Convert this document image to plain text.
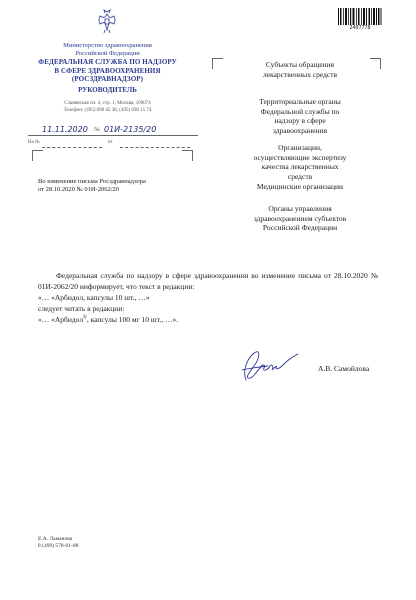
Министерство здравоохранения
Российской Федерации
ФЕДЕРАЛЬНАЯ СЛУЖБА ПО НАДЗОРУ
В СФЕРЕ ЗДРАВООХРАНЕНИЯ
(РОСЗДРАВНАДЗОР)
РУКОВОДИТЕЛЬ
Славянская пл. 4, стр. 1, Москва, 109074
Телефон: (495) 698 45 38; (495) 698 15 74
11.11.2020 № 01И-2135/20
На №	от
2407778
Субъекты обращения лекарственных средств
Территориальные органы Федеральной службы по надзору в сфере здравоохранения
Организации, осуществляющие экспертизу качества лекарственных средств
Медицинские организации
Органы управления здравоохранением субъектов Российской Федерации
Во изменение письма Росздравнадзора
от 28.10.2020 № 01И-2062/20

Федеральная служба по надзору в сфере здравоохранения во изменение письма от 28.10.2020 № 01И-2062/20 информирует, что текст в редакции:

«… «Арбидол, капсулы 10 шт., …»

следует читать в редакции:

«… «Арбидол®, капсулы 100 мг 10 шт., …».

А.В. Самойлова
Е.А. Ламанова
8 (499) 578-01-88
